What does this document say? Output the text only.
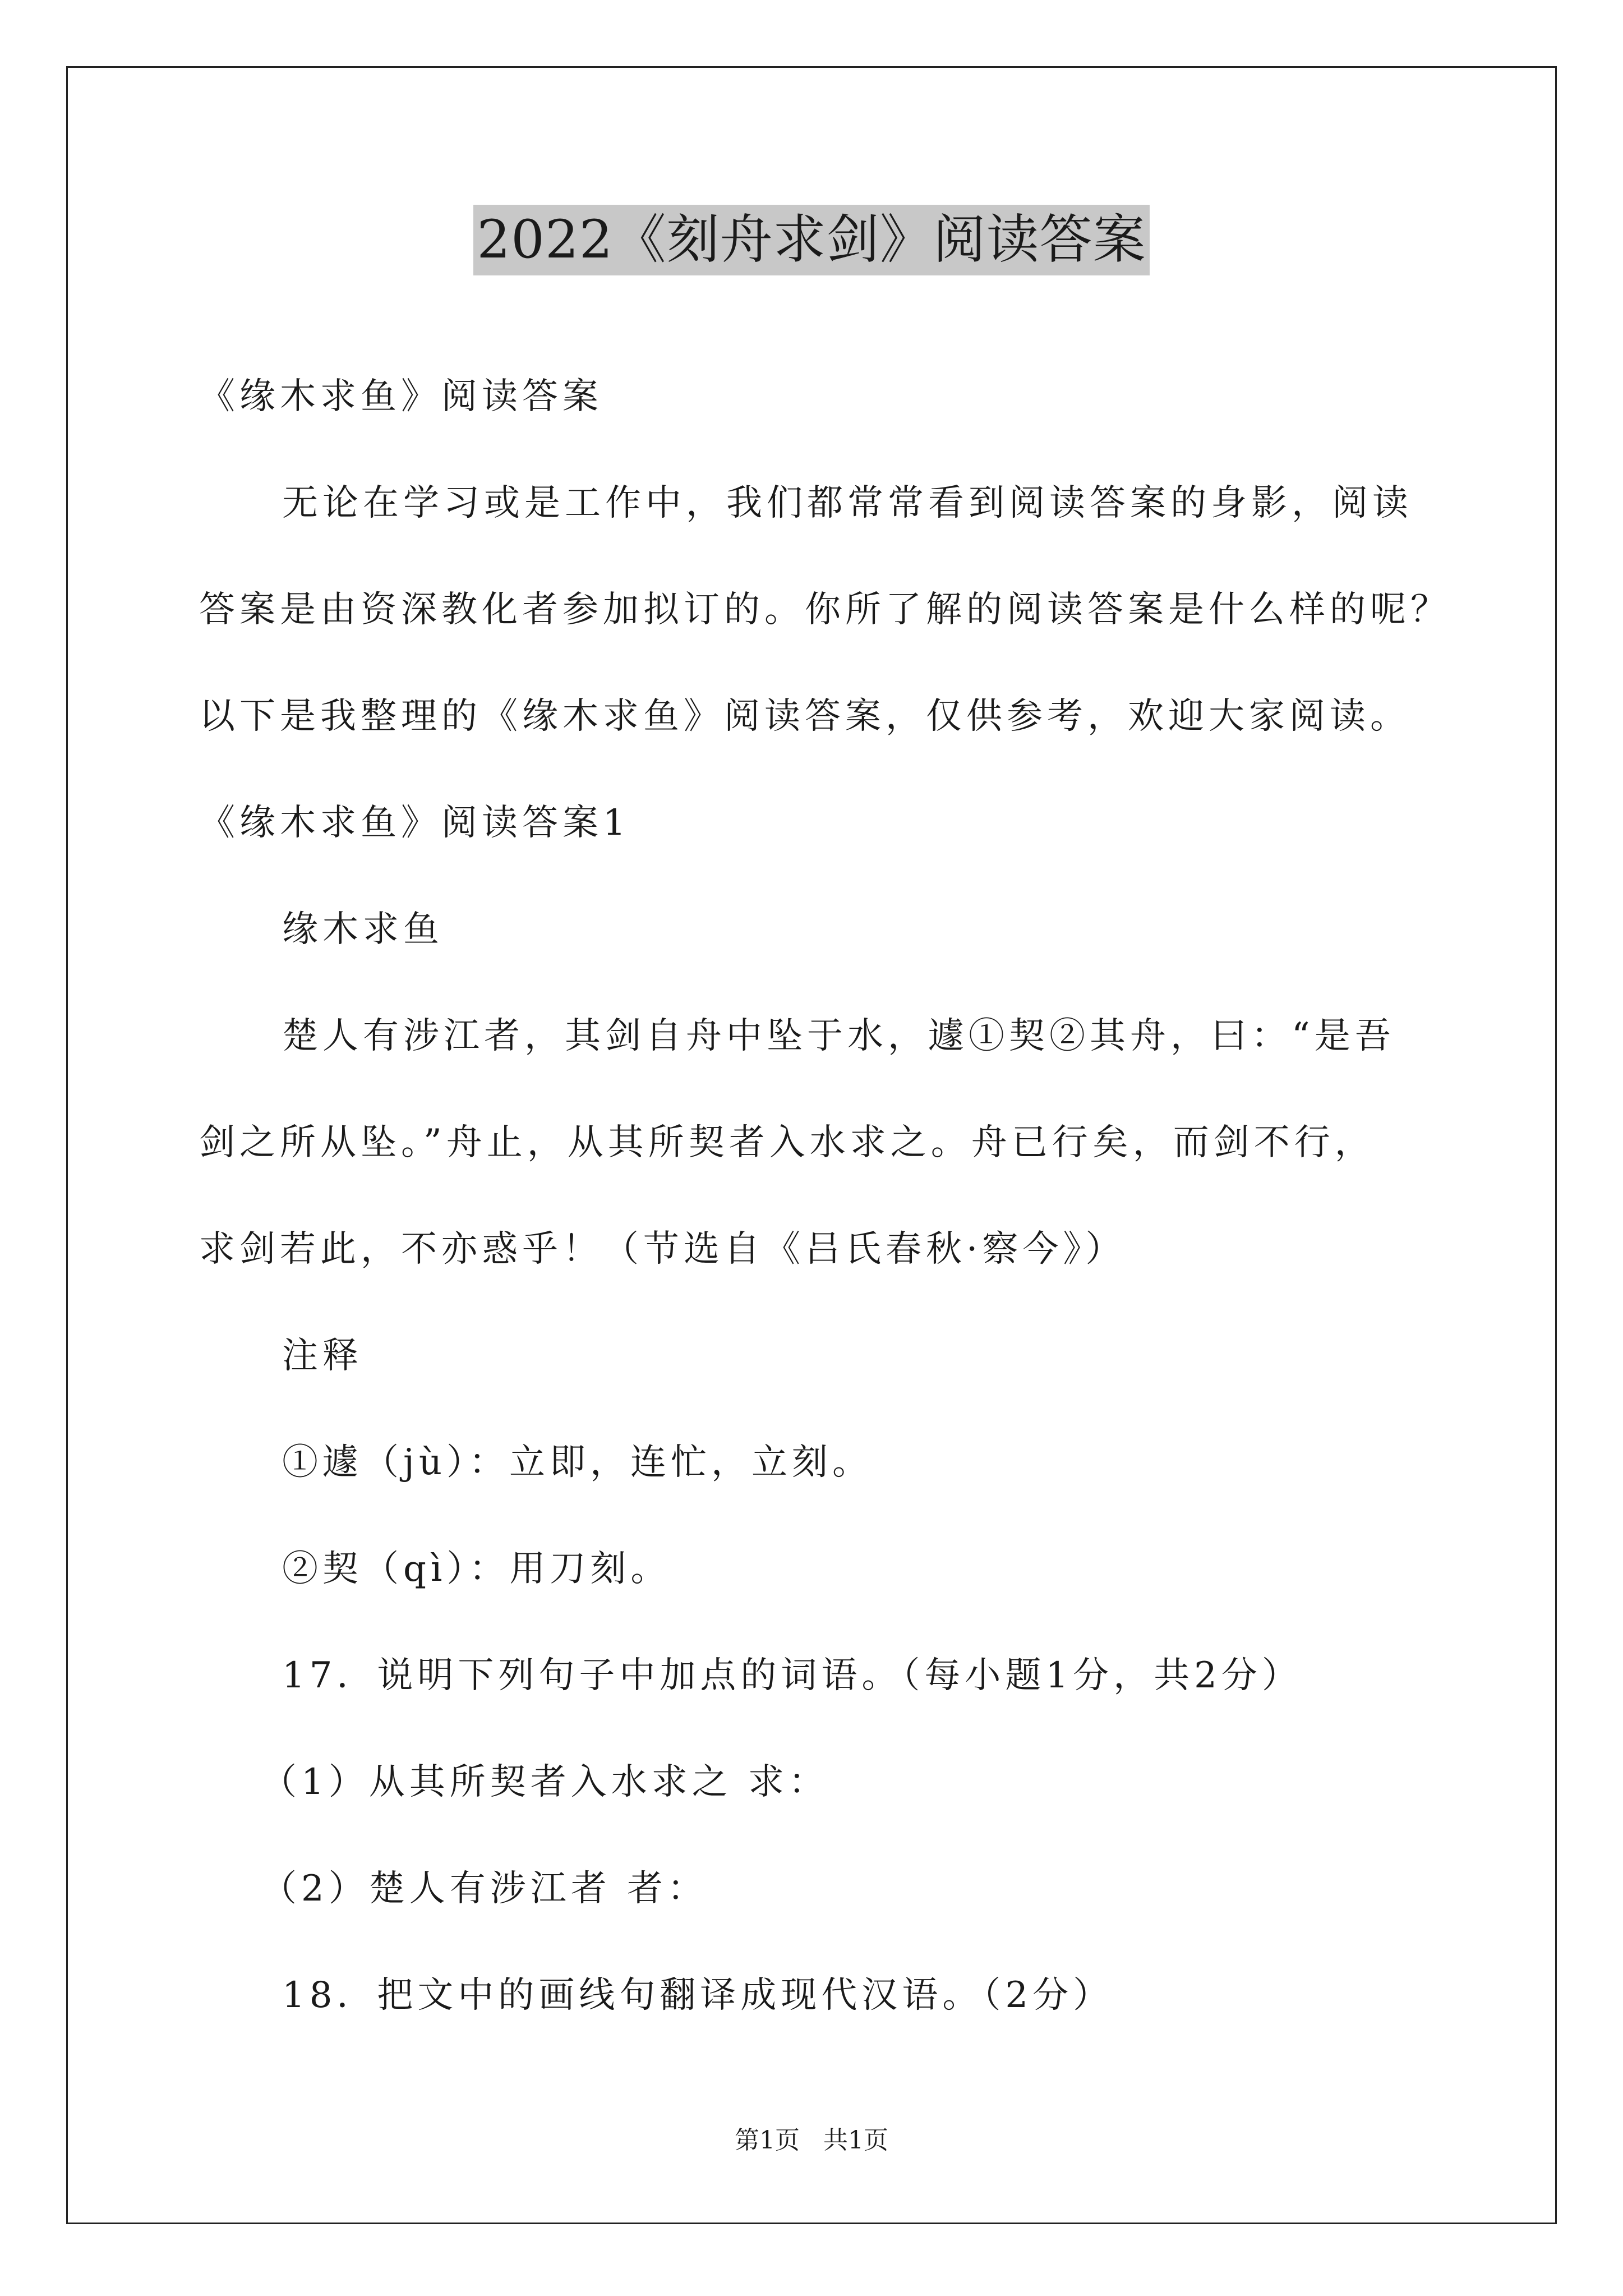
2022《刻舟求剑》阅读答案

《缘木求鱼》阅读答案

无论在学习或是工作中，我们都常常看到阅读答案的身影，阅读

答案是由资深教化者参加拟订的。你所了解的阅读答案是什么样的呢？

以下是我整理的《缘木求鱼》阅读答案，仅供参考，欢迎大家阅读。

《缘木求鱼》阅读答案1

缘木求鱼

楚人有涉江者，其剑自舟中坠于水，遽①契②其舟，曰：“是吾

剑之所从坠。”舟止，从其所契者入水求之。舟已行矣，而剑不行，

求剑若此，不亦惑乎！（节选自《吕氏春秋·察今》）

注释

①遽（jù）：立即，连忙，立刻。

②契（qì）：用刀刻。

17．说明下列句子中加点的词语。（每小题1分，共2分）

（1）从其所契者入水求之 求：

（2）楚人有涉江者 者：

18．把文中的画线句翻译成现代汉语。（2分）

第1页   共1页
